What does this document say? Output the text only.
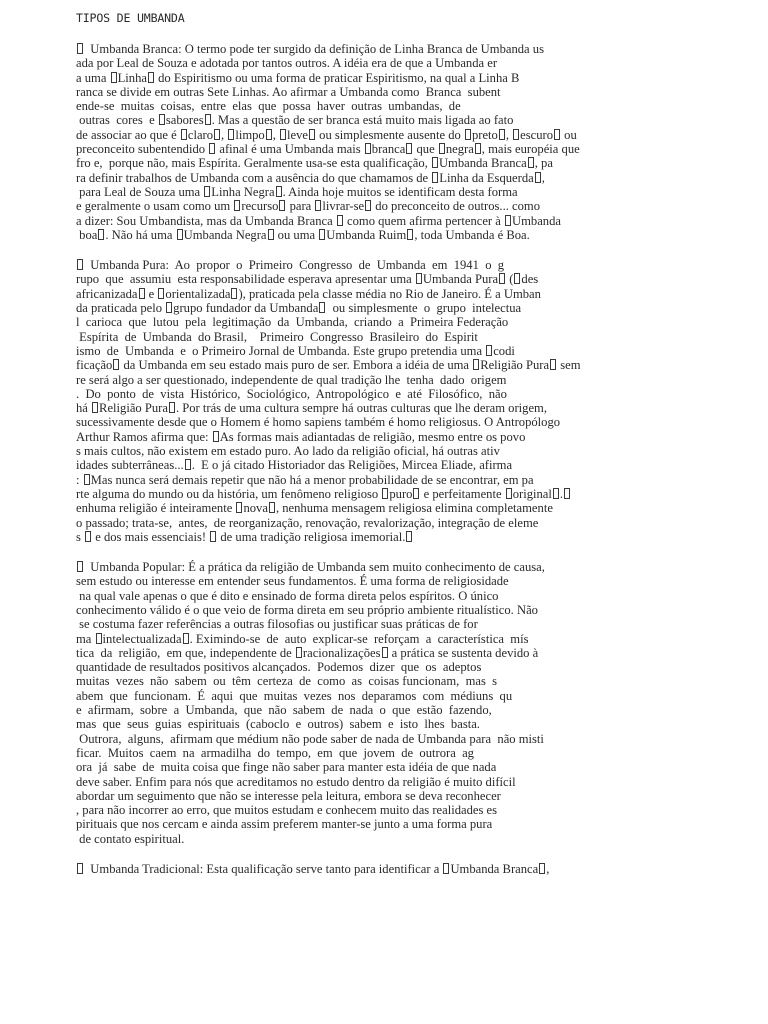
TIPOS DE UMBANDA
Umbanda Branca: O termo pode ter surgido da definição de Linha Branca de Umbanda us
ada por Leal de Souza e adotada por tantos outros. A idéia era de que a Umbanda er
a uma Linha do Espiritismo ou uma forma de praticar Espiritismo, na qual a Linha B
ranca se divide em outras Sete Linhas. Ao afirmar a Umbanda como  Branca  subent
ende-se  muitas  coisas,  entre  elas  que  possa  haver  outras  umbandas,  de
outras  cores  e sabores . Mas a questão de ser branca está muito mais ligada ao fato
de associar ao que é claro , limpo , leve ou simplesmente ausente do preto , escuro ou
preconceito subentendido  afinal é uma Umbanda mais branca que negra , mais européia que
fro e,  porque não, mais Espírita. Geralmente usa-se esta qualificação, Umbanda Branca , pa
ra definir trabalhos de Umbanda com a ausência do que chamamos de Linha da Esquerda ,
para Leal de Souza uma Linha Negra . Ainda hoje muitos se identificam desta forma
e geralmente o usam como um recurso para livrar-se do preconceito de outros... como
a dizer: Sou Umbandista, mas da Umbanda Branca  como quem afirma pertencer à Umbanda
boa . Não há uma Umbanda Negra ou uma Umbanda Ruim , toda Umbanda é Boa.
Umbanda Pura:  Ao  propor  o  Primeiro  Congresso  de  Umbanda  em  1941  o  g
rupo  que  assumiu  esta responsabilidade esperava apresentar uma Umbanda Pura ( des
africanizada e orientalizada ), praticada pela classe média no Rio de Janeiro. É a Umban
da praticada pelo grupo fundador da Umbanda  ou simplesmente  o  grupo  intelectua
l  carioca  que  lutou  pela  legitimação  da  Umbanda,  criando  a  Primeira Federação
Espírita  de  Umbanda  do Brasil,    Primeiro  Congresso  Brasileiro  do  Espirit
ismo  de  Umbanda  e  o Primeiro Jornal de Umbanda. Este grupo pretendia uma codi
ficação da Umbanda em seu estado mais puro de ser. Embora a idéia de uma Religião Pura sem
re será algo a ser questionado, independente de qual tradição lhe  tenha  dado  origem
.  Do  ponto  de  vista  Histórico,  Sociológico,  Antropológico  e  até  Filosófico,  não
há Religião Pura . Por trás de uma cultura sempre há outras culturas que lhe deram origem,
sucessivamente desde que o Homem é homo sapiens também é homo religiosus. O Antropólogo
Arthur Ramos afirma que: As formas mais adiantadas de religião, mesmo entre os povo
s mais cultos, não existem em estado puro. Ao lado da religião oficial, há outras ativ
idades subterrâneas... .  E o já citado Historiador das Religiões, Mircea Eliade, afirma
: Mas nunca será demais repetir que não há a menor probabilidade de se encontrar, em pa
rte alguma do mundo ou da história, um fenômeno religioso puro e perfeitamente original .
enhuma religião é inteiramente nova , nenhuma mensagem religiosa elimina completamente
o passado; trata-se,  antes,  de reorganização, renovação, revalorização, integração de eleme
s  e dos mais essenciais!  de uma tradição religiosa imemorial.
Umbanda Popular: É a prática da religião de Umbanda sem muito conhecimento de causa,
sem estudo ou interesse em entender seus fundamentos. É uma forma de religiosidade
na qual vale apenas o que é dito e ensinado de forma direta pelos espíritos. O único
conhecimento válido é o que veio de forma direta em seu próprio ambiente ritualístico. Não
se costuma fazer referências a outras filosofias ou justificar suas práticas de for
ma intelectualizada . Eximindo-se  de  auto  explicar-se  reforçam  a  característica  mís
tica  da  religião,  em que, independente de racionalizações a prática se sustenta devido à
quantidade de resultados positivos alcançados.  Podemos  dizer  que  os  adeptos
muitas  vezes  não  sabem  ou  têm  certeza  de  como  as  coisas funcionam,  mas  s
abem  que  funcionam.  É  aqui  que  muitas  vezes  nos  deparamos  com  médiuns  qu
e  afirmam,  sobre  a  Umbanda,  que  não  sabem  de  nada  o  que  estão  fazendo,
mas  que  seus  guias  espirituais  (caboclo  e  outros)  sabem  e  isto  lhes  basta.
Outrora,  alguns,  afirmam que médium não pode saber de nada de Umbanda para  não misti
ficar.  Muitos  caem  na  armadilha  do  tempo,  em  que  jovem  de  outrora  ag
ora  já  sabe  de  muita coisa que finge não saber para manter esta idéia de que nada
deve saber. Enfim para nós que acreditamos no estudo dentro da religião é muito difícil
abordar um seguimento que não se interesse pela leitura, embora se deva reconhecer
, para não incorrer ao erro, que muitos estudam e conhecem muito das realidades es
pirituais que nos cercam e ainda assim preferem manter-se junto a uma forma pura
de contato espiritual.
Umbanda Tradicional: Esta qualificação serve tanto para identificar a Umbanda Branca ,
